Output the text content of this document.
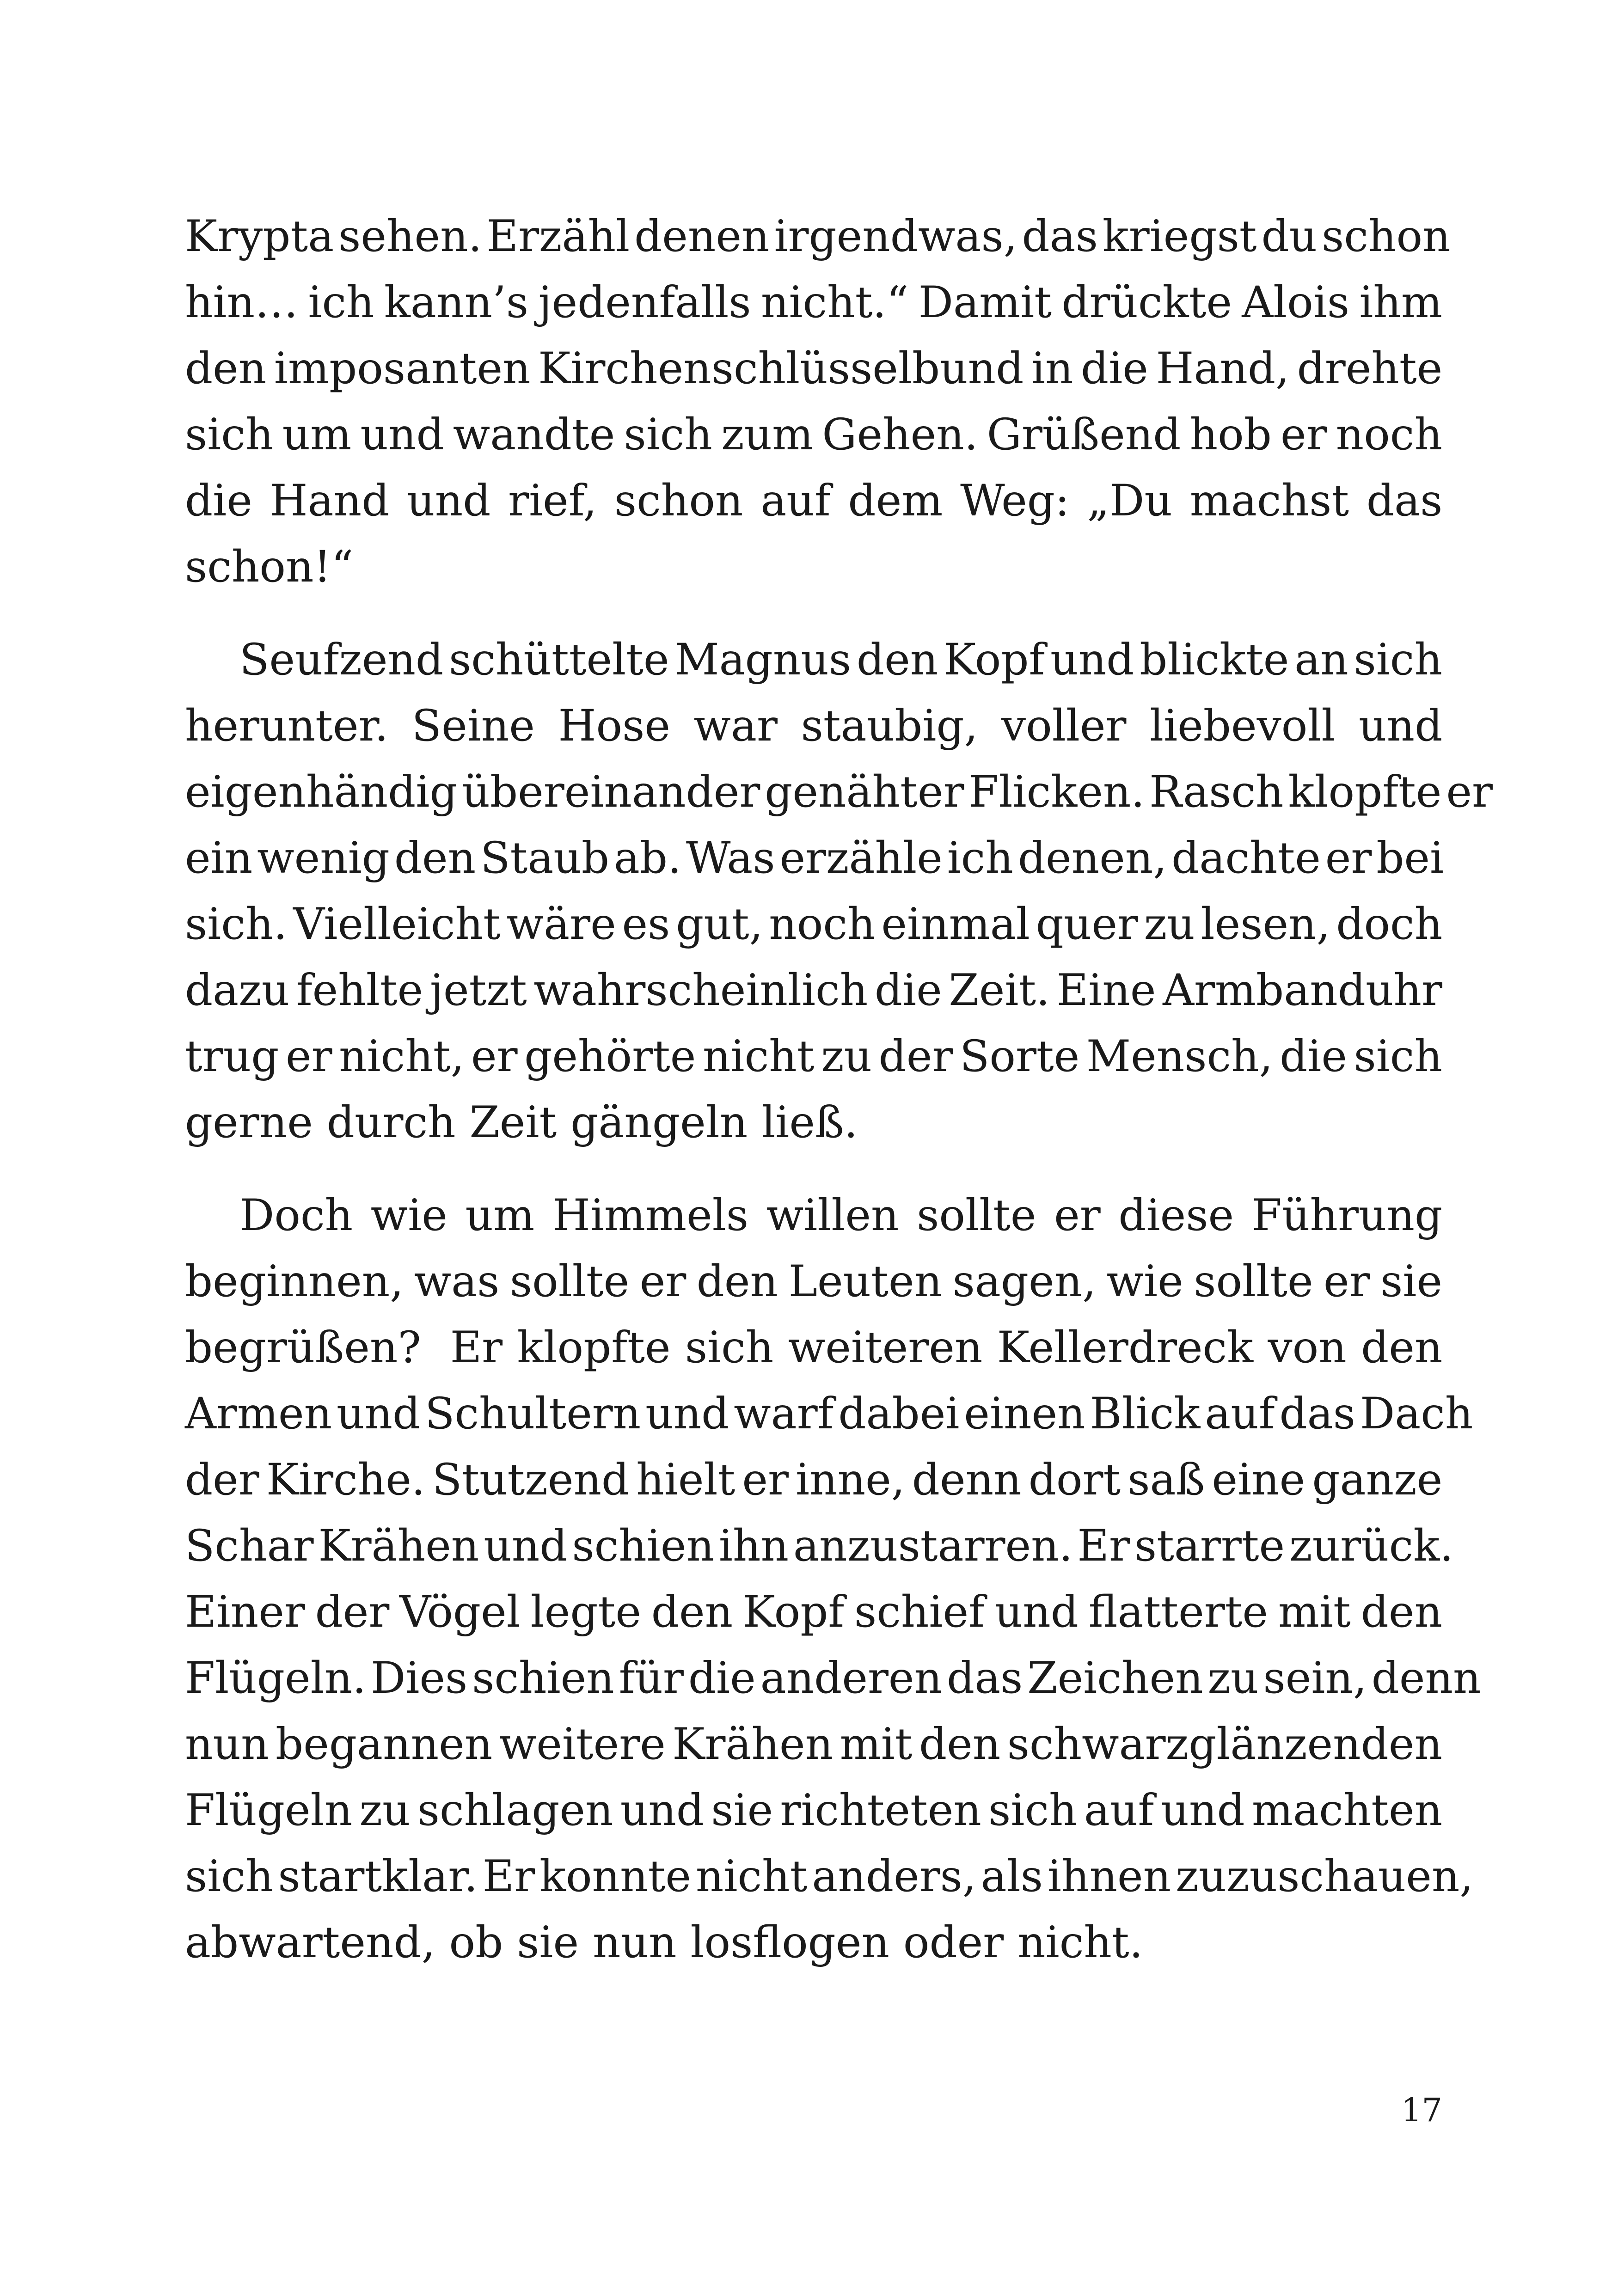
Krypta sehen. Erzähl denen irgendwas, das kriegst du schon
hin… ich kann’s jedenfalls nicht.“ Damit drückte Alois ihm
den imposanten Kirchenschlüsselbund in die Hand, drehte
sich um und wandte sich zum Gehen. Grüßend hob er noch
die Hand und rief, schon auf dem Weg: „Du machst das
schon!“

Seufzend schüttelte Magnus den Kopf und blickte an sich
herunter. Seine Hose war staubig, voller liebevoll und
eigenhändig übereinander genähter Flicken. Rasch klopfte er
ein wenig den Staub ab. Was erzähle ich denen, dachte er bei
sich. Vielleicht wäre es gut, noch einmal quer zu lesen, doch
dazu fehlte jetzt wahrscheinlich die Zeit. Eine Armbanduhr
trug er nicht, er gehörte nicht zu der Sorte Mensch, die sich
gerne durch Zeit gängeln ließ.

Doch wie um Himmels willen sollte er diese Führung
beginnen, was sollte er den Leuten sagen, wie sollte er sie
begrüßen?  Er klopfte sich weiteren Kellerdreck von den
Armen und Schultern und warf dabei einen Blick auf das Dach
der Kirche. Stutzend hielt er inne, denn dort saß eine ganze
Schar Krähen und schien ihn anzustarren. Er starrte zurück.
Einer der Vögel legte den Kopf schief und flatterte mit den
Flügeln. Dies schien für die anderen das Zeichen zu sein, denn
nun begannen weitere Krähen mit den schwarzglänzenden
Flügeln zu schlagen und sie richteten sich auf und machten
sich startklar. Er konnte nicht anders, als ihnen zuzuschauen,
abwartend, ob sie nun losflogen oder nicht.

17
